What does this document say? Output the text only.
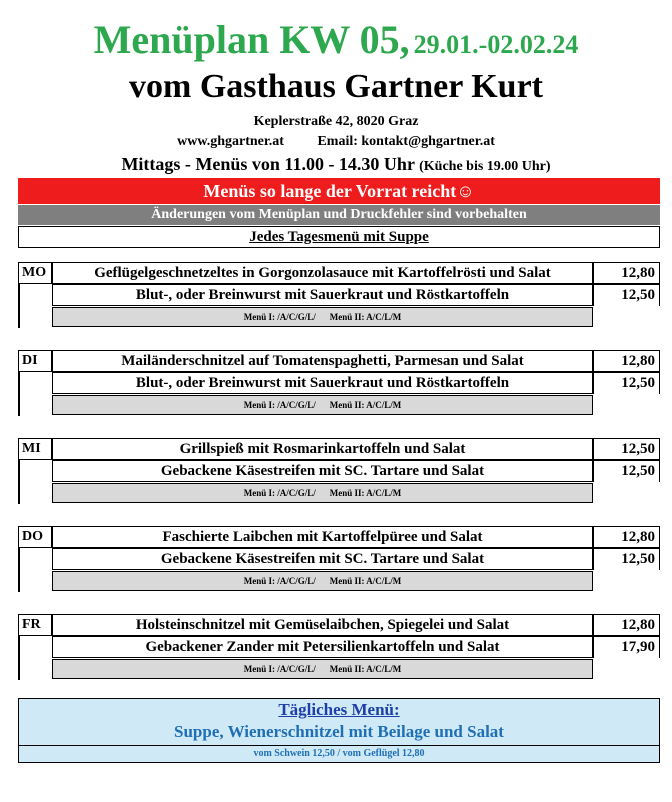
Menüplan KW 05, 29.01.-02.02.24
vom Gasthaus Gartner Kurt
Keplerstraße 42, 8020 Graz
www.ghgartner.at Email: kontakt@ghgartner.at
Mittags - Menüs von 11.00 - 14.30 Uhr (Küche bis 19.00 Uhr)
Menüs so lange der Vorrat reicht☺
Änderungen vom Menüplan und Druckfehler sind vorbehalten
Jedes Tagesmenü mit Suppe
MO	Geflügelgeschnetzeltes in Gorgonzolasauce mit Kartoffelrösti und Salat	12,80
Blut-, oder Breinwurst mit Sauerkraut und Röstkartoffeln	12,50
Menü I: /A/C/G/L/ Menü II: A/C/L/M
DI	Mailänderschnitzel auf Tomatenspaghetti, Parmesan und Salat	12,80
Blut-, oder Breinwurst mit Sauerkraut und Röstkartoffeln	12,50
Menü I: /A/C/G/L/ Menü II: A/C/L/M
MI	Grillspieß mit Rosmarinkartoffeln und Salat	12,50
Gebackene Käsestreifen mit SC. Tartare und Salat	12,50
Menü I: /A/C/G/L/ Menü II: A/C/L/M
DO	Faschierte Laibchen mit Kartoffelpüree und Salat	12,80
Gebackene Käsestreifen mit SC. Tartare und Salat	12,50
Menü I: /A/C/G/L/ Menü II: A/C/L/M
FR	Holsteinschnitzel mit Gemüselaibchen, Spiegelei und Salat	12,80
Gebackener Zander mit Petersilienkartoffeln und Salat	17,90
Menü I: /A/C/G/L/ Menü II: A/C/L/M
Tägliches Menü:
Suppe, Wienerschnitzel mit Beilage und Salat
vom Schwein 12,50 / vom Geflügel 12,80
